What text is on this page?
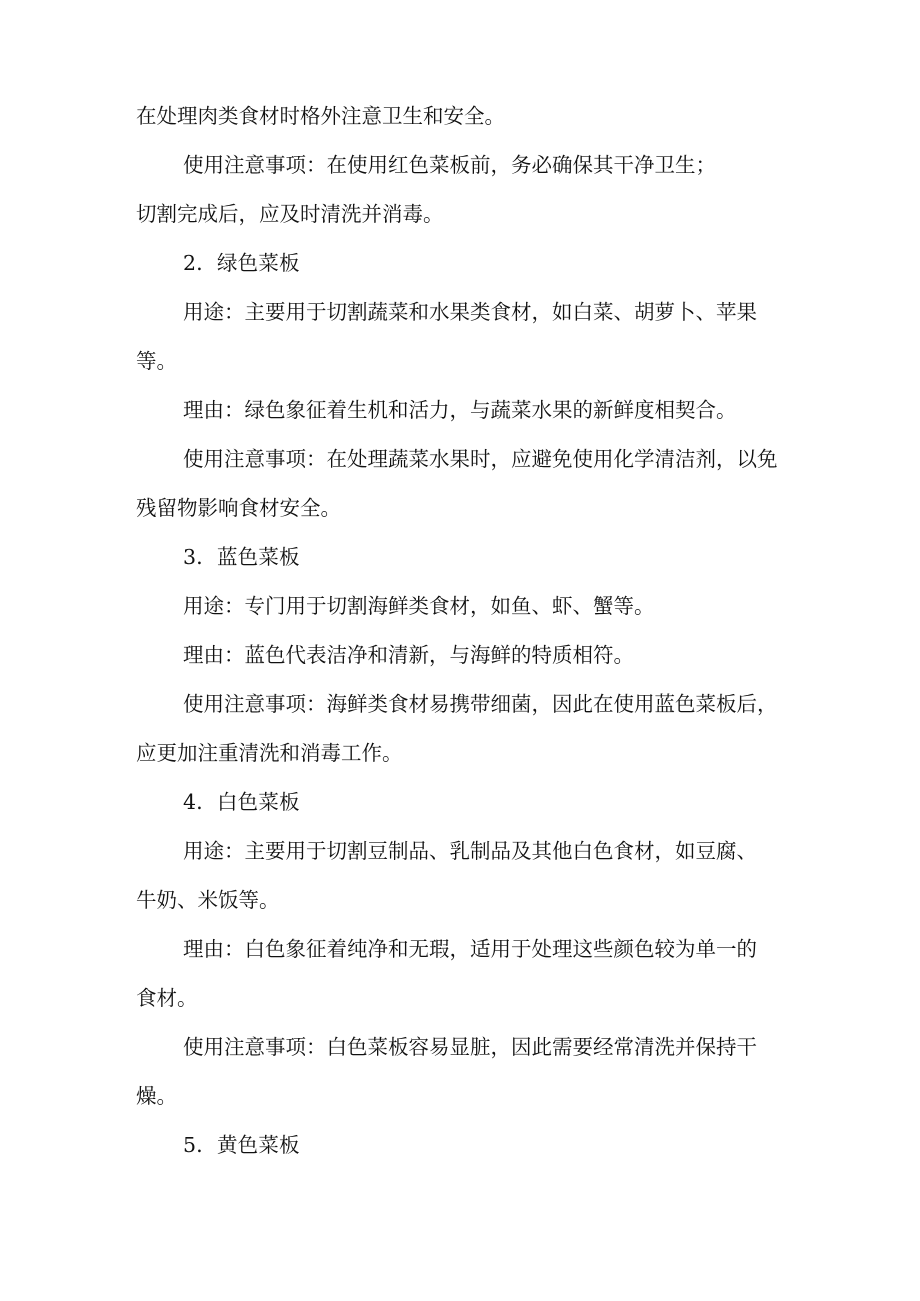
在处理肉类食材时格外注意卫生和安全。

使用注意事项：在使用红色菜板前，务必确保其干净卫生；

切割完成后，应及时清洗并消毒。

2．绿色菜板

用途：主要用于切割蔬菜和水果类食材，如白菜、胡萝卜、苹果

等。

理由：绿色象征着生机和活力，与蔬菜水果的新鲜度相契合。

使用注意事项：在处理蔬菜水果时，应避免使用化学清洁剂，以免

残留物影响食材安全。

3．蓝色菜板

用途：专门用于切割海鲜类食材，如鱼、虾、蟹等。

理由：蓝色代表洁净和清新，与海鲜的特质相符。

使用注意事项：海鲜类食材易携带细菌，因此在使用蓝色菜板后，

应更加注重清洗和消毒工作。

4．白色菜板

用途：主要用于切割豆制品、乳制品及其他白色食材，如豆腐、

牛奶、米饭等。

理由：白色象征着纯净和无瑕，适用于处理这些颜色较为单一的

食材。

使用注意事项：白色菜板容易显脏，因此需要经常清洗并保持干

燥。

5．黄色菜板
